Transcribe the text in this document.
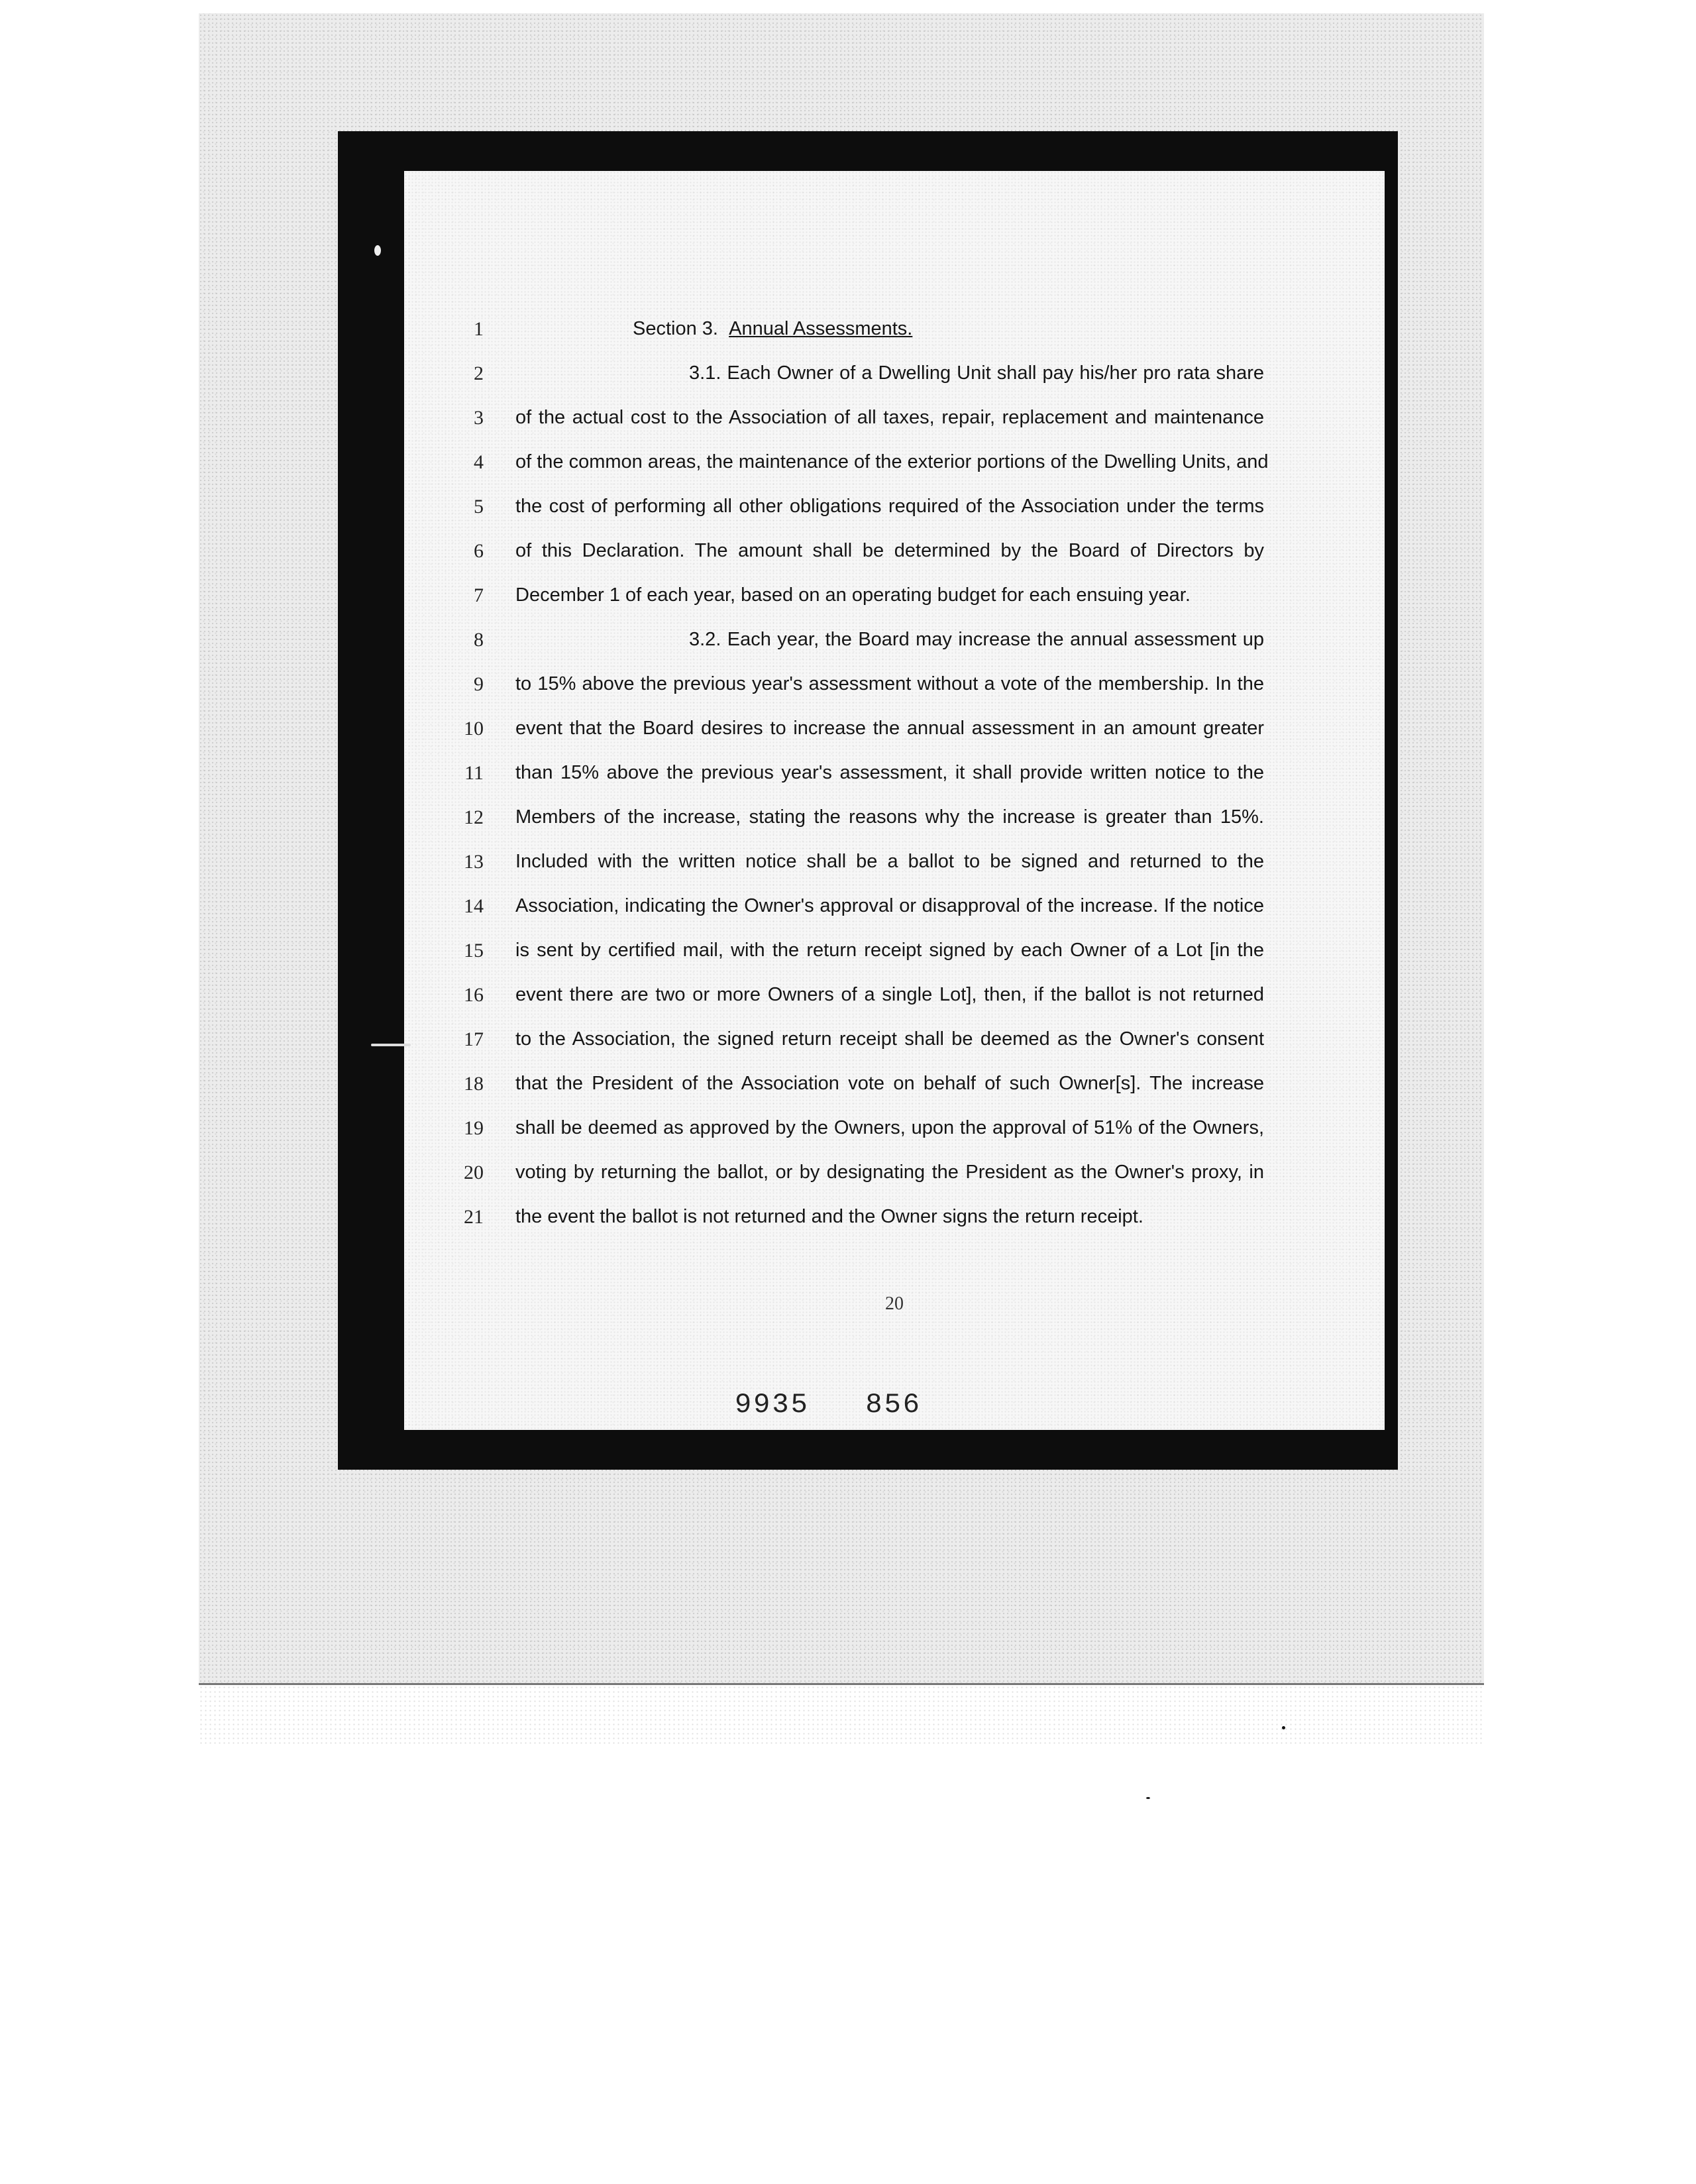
Section 3. Annual Assessments.
1
2
3
4
5
6
7
8
9
10
11
12
13
14
15
16
17
18
19
20
21
3.1. Each Owner of a Dwelling Unit shall pay his/her pro rata share
of the actual cost to the Association of all taxes, repair, replacement and maintenance
of the common areas, the maintenance of the exterior portions of the Dwelling Units, and
the cost of performing all other obligations required of the Association under the terms
of this Declaration. The amount shall be determined by the Board of Directors by
December 1 of each year, based on an operating budget for each ensuing year.
3.2. Each year, the Board may increase the annual assessment up
to 15% above the previous year's assessment without a vote of the membership. In the
event that the Board desires to increase the annual assessment in an amount greater
than 15% above the previous year's assessment, it shall provide written notice to the
Members of the increase, stating the reasons why the increase is greater than 15%.
Included with the written notice shall be a ballot to be signed and returned to the
Association, indicating the Owner's approval or disapproval of the increase. If the notice
is sent by certified mail, with the return receipt signed by each Owner of a Lot [in the
event there are two or more Owners of a single Lot], then, if the ballot is not returned
to the Association, the signed return receipt shall be deemed as the Owner's consent
that the President of the Association vote on behalf of such Owner[s]. The increase
shall be deemed as approved by the Owners, upon the approval of 51% of the Owners,
voting by returning the ballot, or by designating the President as the Owner's proxy, in
the event the ballot is not returned and the Owner signs the return receipt.
20
9935   856
